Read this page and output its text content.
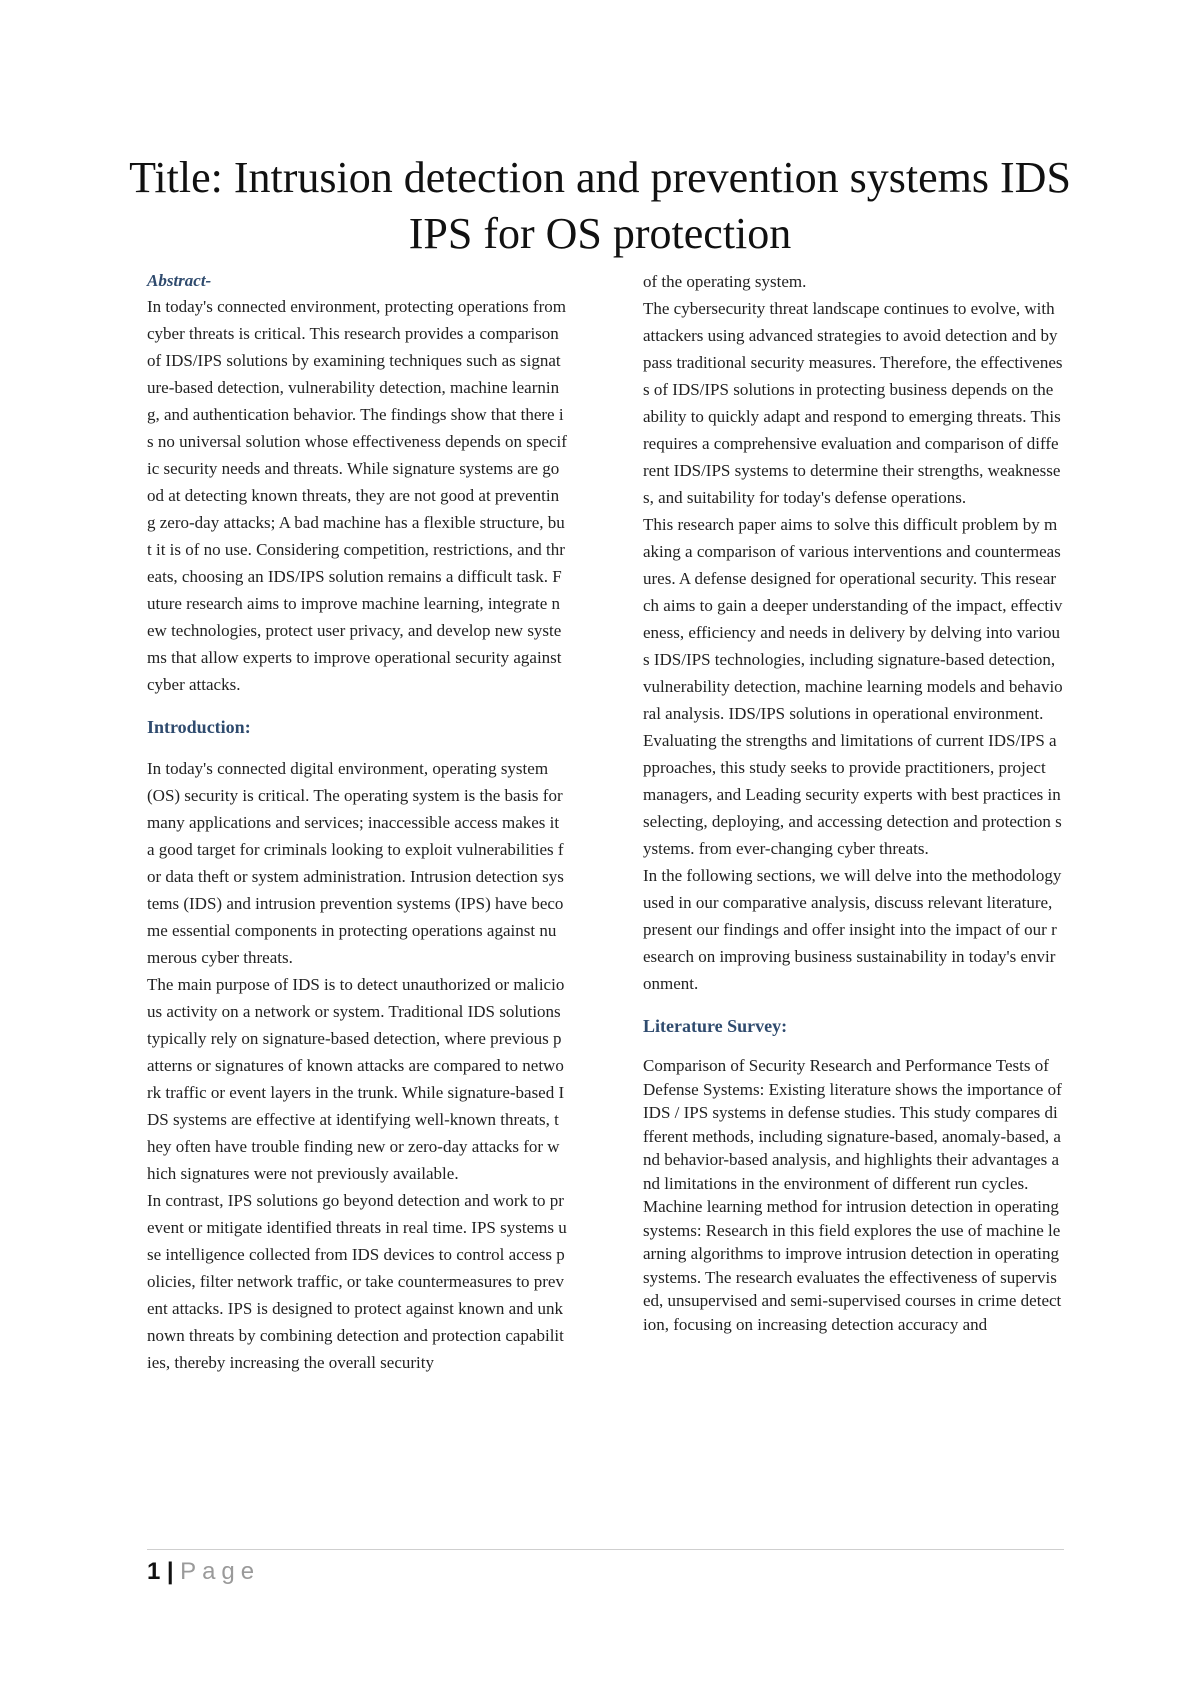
Title: Intrusion detection and prevention systems IDS IPS for OS protection
Abstract-

In today's connected environment, protecting operations from cyber threats is critical. This research provides a comparison of IDS/IPS solutions by examining techniques such as signature-based detection, vulnerability detection, machine learning, and authentication behavior. The findings show that there is no universal solution whose effectiveness depends on specific security needs and threats. While signature systems are good at detecting known threats, they are not good at preventing zero-day attacks; A bad machine has a flexible structure, but it is of no use. Considering competition, restrictions, and threats, choosing an IDS/IPS solution remains a difficult task. Future research aims to improve machine learning, integrate new technologies, protect user privacy, and develop new systems that allow experts to improve operational security against cyber attacks.

Introduction:

In today's connected digital environment, operating system (OS) security is critical. The operating system is the basis for many applications and services; inaccessible access makes it a good target for criminals looking to exploit vulnerabilities for data theft or system administration. Intrusion detection systems (IDS) and intrusion prevention systems (IPS) have become essential components in protecting operations against numerous cyber threats.

The main purpose of IDS is to detect unauthorized or malicious activity on a network or system. Traditional IDS solutions typically rely on signature-based detection, where previous patterns or signatures of known attacks are compared to network traffic or event layers in the trunk. While signature-based IDS systems are effective at identifying well-known threats, they often have trouble finding new or zero-day attacks for which signatures were not previously available.

In contrast, IPS solutions go beyond detection and work to prevent or mitigate identified threats in real time. IPS systems use intelligence collected from IDS devices to control access policies, filter network traffic, or take countermeasures to prevent attacks. IPS is designed to protect against known and unknown threats by combining detection and protection capabilities, thereby increasing the overall security

of the operating system.

The cybersecurity threat landscape continues to evolve, with attackers using advanced strategies to avoid detection and bypass traditional security measures. Therefore, the effectiveness of IDS/IPS solutions in protecting business depends on the ability to quickly adapt and respond to emerging threats. This requires a comprehensive evaluation and comparison of different IDS/IPS systems to determine their strengths, weaknesses, and suitability for today's defense operations.

This research paper aims to solve this difficult problem by making a comparison of various interventions and countermeasures. A defense designed for operational security. This research aims to gain a deeper understanding of the impact, effectiveness, efficiency and needs in delivery by delving into various IDS/IPS technologies, including signature-based detection, vulnerability detection, machine learning models and behavioral analysis. IDS/IPS solutions in operational environment.

Evaluating the strengths and limitations of current IDS/IPS approaches, this study seeks to provide practitioners, project managers, and Leading security experts with best practices in selecting, deploying, and accessing detection and protection systems. from ever-changing cyber threats.

In the following sections, we will delve into the methodology used in our comparative analysis, discuss relevant literature, present our findings and offer insight into the impact of our research on improving business sustainability in today's environment.

Literature Survey:

Comparison of Security Research and Performance Tests of Defense Systems: Existing literature shows the importance of IDS / IPS systems in defense studies. This study compares different methods, including signature-based, anomaly-based, and behavior-based analysis, and highlights their advantages and limitations in the environment of different run cycles.

Machine learning method for intrusion detection in operating systems: Research in this field explores the use of machine learning algorithms to improve intrusion detection in operating systems. The research evaluates the effectiveness of supervised, unsupervised and semi-supervised courses in crime detection, focusing on increasing detection accuracy and

1 | Page
